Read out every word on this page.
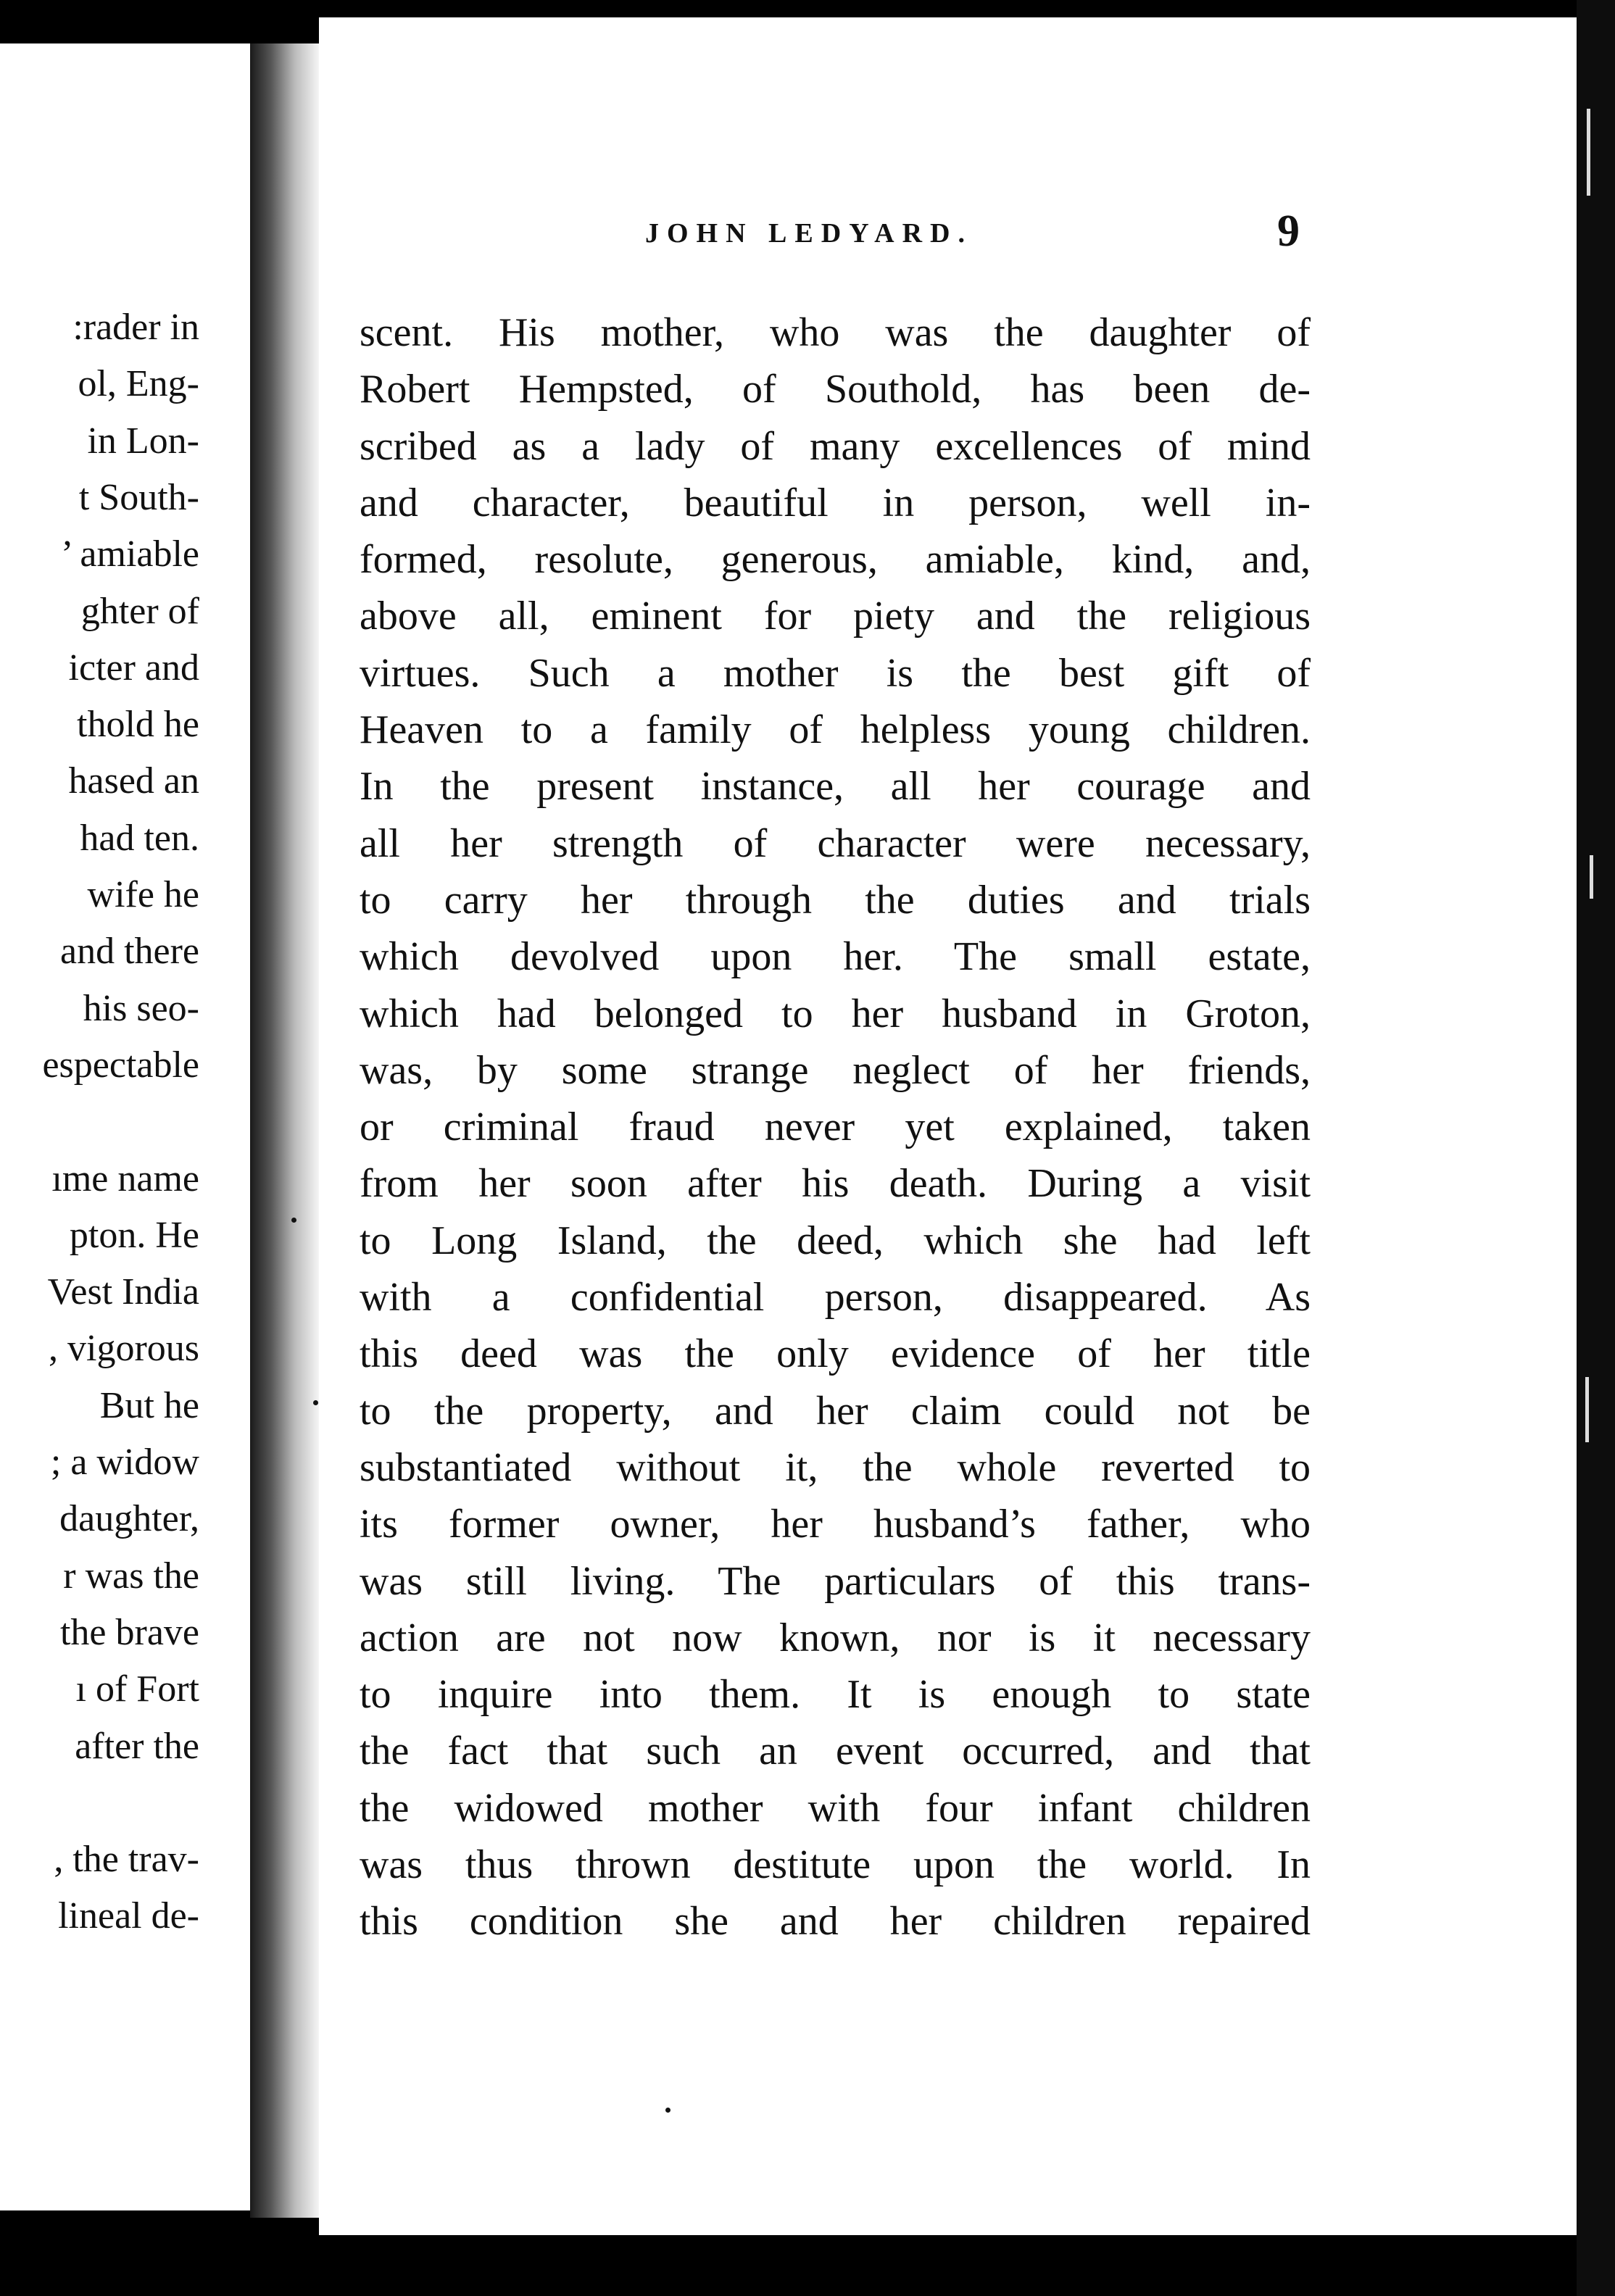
:rader in
ol, Eng-
in Lon-
t South-
’ amiable
ghter of
icter and
thold he
hased an
had ten.
wife he
and there
his seo-
espectable
ıme name
pton. He
Vest India
, vigorous
But he
; a widow
daughter,
r was the
the brave
ı of Fort
after the
, the trav-
lineal de-
JOHN LEDYARD.	9
scent. His mother, who was the daughter of
Robert Hempsted, of Southold, has been de-
scribed as a lady of many excellences of mind
and character, beautiful in person, well in-
formed, resolute, generous, amiable, kind, and,
above all, eminent for piety and the religious
virtues. Such a mother is the best gift of
Heaven to a family of helpless young children.
In the present instance, all her courage and
all her strength of character were necessary,
to carry her through the duties and trials
which devolved upon her. The small estate,
which had belonged to her husband in Groton,
was, by some strange neglect of her friends,
or criminal fraud never yet explained, taken
from her soon after his death. During a visit
to Long Island, the deed, which she had left
with a confidential person, disappeared. As
this deed was the only evidence of her title
to the property, and her claim could not be
substantiated without it, the whole reverted to
its former owner, her husband’s father, who
was still living. The particulars of this trans-
action are not now known, nor is it necessary
to inquire into them. It is enough to state
the fact that such an event occurred, and that
the widowed mother with four infant children
was thus thrown destitute upon the world. In
this condition she and her children repaired
